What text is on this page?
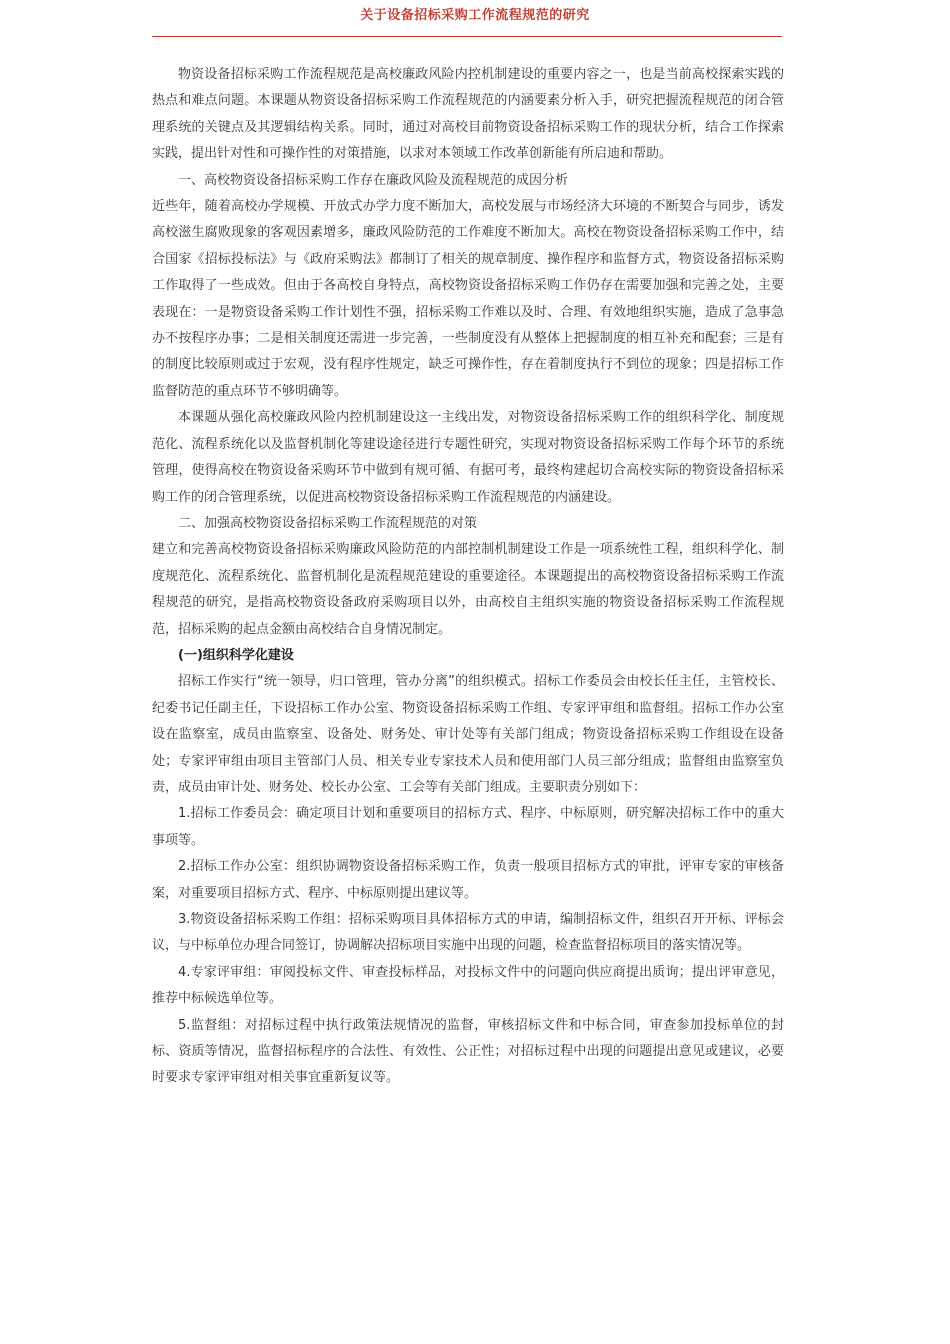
关于设备招标采购工作流程规范的研究

物资设备招标采购工作流程规范是高校廉政风险内控机制建设的重要内容之一，也是当前高校探索实践的热点和难点问题。本课题从物资设备招标采购工作流程规范的内涵要素分析入手，研究把握流程规范的闭合管理系统的关键点及其逻辑结构关系。同时，通过对高校目前物资设备招标采购工作的现状分析，结合工作探索实践，提出针对性和可操作性的对策措施，以求对本领域工作改革创新能有所启迪和帮助。

一、高校物资设备招标采购工作存在廉政风险及流程规范的成因分析

近些年，随着高校办学规模、开放式办学力度不断加大，高校发展与市场经济大环境的不断契合与同步，诱发高校滋生腐败现象的客观因素增多，廉政风险防范的工作难度不断加大。高校在物资设备招标采购工作中，结合国家《招标投标法》与《政府采购法》都制订了相关的规章制度、操作程序和监督方式，物资设备招标采购工作取得了一些成效。但由于各高校自身特点，高校物资设备招标采购工作仍存在需要加强和完善之处，主要表现在：一是物资设备采购工作计划性不强，招标采购工作难以及时、合理、有效地组织实施，造成了急事急办不按程序办事；二是相关制度还需进一步完善，一些制度没有从整体上把握制度的相互补充和配套；三是有的制度比较原则或过于宏观，没有程序性规定，缺乏可操作性，存在着制度执行不到位的现象；四是招标工作监督防范的重点环节不够明确等。

本课题从强化高校廉政风险内控机制建设这一主线出发，对物资设备招标采购工作的组织科学化、制度规范化、流程系统化以及监督机制化等建设途径进行专题性研究，实现对物资设备招标采购工作每个环节的系统管理，使得高校在物资设备采购环节中做到有规可循、有据可考，最终构建起切合高校实际的物资设备招标采购工作的闭合管理系统，以促进高校物资设备招标采购工作流程规范的内涵建设。

二、加强高校物资设备招标采购工作流程规范的对策

建立和完善高校物资设备招标采购廉政风险防范的内部控制机制建设工作是一项系统性工程，组织科学化、制度规范化、流程系统化、监督机制化是流程规范建设的重要途径。本课题提出的高校物资设备招标采购工作流程规范的研究，是指高校物资设备政府采购项目以外，由高校自主组织实施的物资设备招标采购工作流程规范，招标采购的起点金额由高校结合自身情况制定。

(一)组织科学化建设

招标工作实行“统一领导，归口管理，管办分离”的组织模式。招标工作委员会由校长任主任，主管校长、纪委书记任副主任，下设招标工作办公室、物资设备招标采购工作组、专家评审组和监督组。招标工作办公室设在监察室，成员由监察室、设备处、财务处、审计处等有关部门组成；物资设备招标采购工作组设在设备处；专家评审组由项目主管部门人员、相关专业专家技术人员和使用部门人员三部分组成；监督组由监察室负责，成员由审计处、财务处、校长办公室、工会等有关部门组成。主要职责分别如下：

1.招标工作委员会：确定项目计划和重要项目的招标方式、程序、中标原则，研究解决招标工作中的重大事项等。

2.招标工作办公室：组织协调物资设备招标采购工作，负责一般项目招标方式的审批，评审专家的审核备案，对重要项目招标方式、程序、中标原则提出建议等。

3.物资设备招标采购工作组：招标采购项目具体招标方式的申请，编制招标文件，组织召开开标、评标会议，与中标单位办理合同签订，协调解决招标项目实施中出现的问题，检查监督招标项目的落实情况等。

4.专家评审组：审阅投标文件、审查投标样品，对投标文件中的问题向供应商提出质询；提出评审意见，推荐中标候选单位等。

5.监督组：对招标过程中执行政策法规情况的监督，审核招标文件和中标合同，审查参加投标单位的封标、资质等情况，监督招标程序的合法性、有效性、公正性；对招标过程中出现的问题提出意见或建议，必要时要求专家评审组对相关事宜重新复议等。
